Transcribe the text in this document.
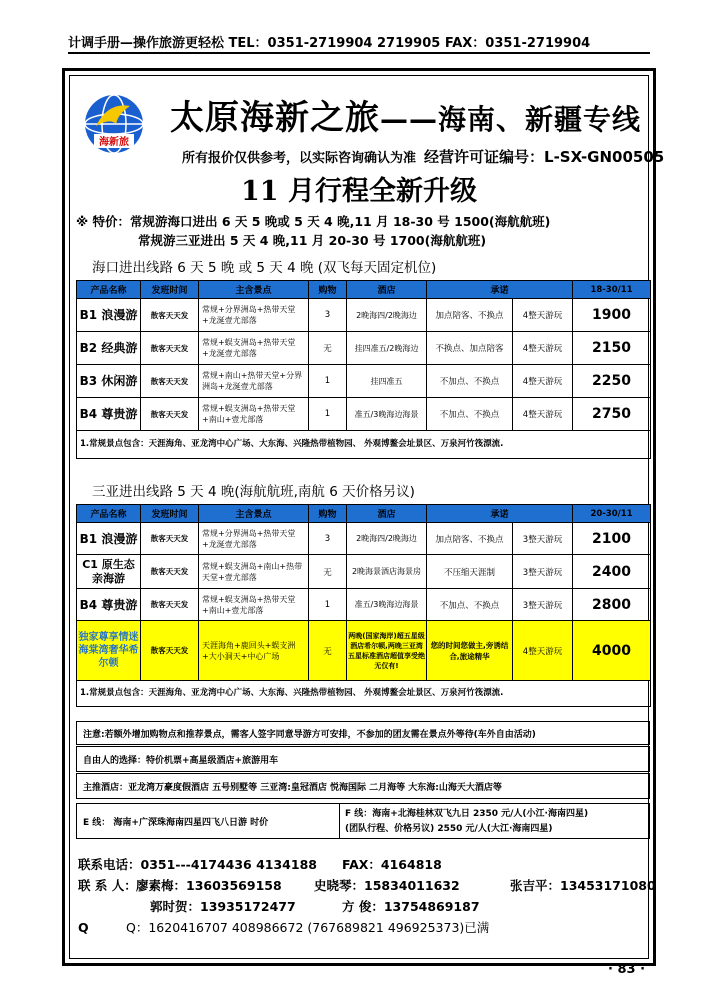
计调手册—操作旅游更轻松 TEL：0351-2719904 2719905 FAX：0351-2719904
海新旅
太原海新之旅——海南、新疆专线
所有报价仅供参考，以实际咨询确认为准 经营许可证编号：L-SX-GN00505
11 月行程全新升级
※ 特价：常规游海口进出 6 天 5 晚或 5 天 4 晚,11 月 18-30 号 1500(海航航班)
常规游三亚进出 5 天 4 晚,11 月 20-30 号 1700(海航航班)
海口进出线路 6 天 5 晚 或 5 天 4 晚 (双飞每天固定机位)
产品名称	发班时间	主含景点	购物	酒店	承诺		18-30/11
B1 浪漫游	散客天天发	常规+分界洲岛+热带天堂+龙涎壹尤部落	3	2晚海四/2晚海边	加点陪客、不换点	4整天游玩	1900
B2 经典游	散客天天发	常规+蜈支洲岛+热带天堂+龙涎壹尤部落	无	挂四准五/2晚海边	不换点、加点陪客	4整天游玩	2150
B3 休闲游	散客天天发	常规+南山+热带天堂+分界洲岛+龙涎壹尤部落	1	挂四准五	不加点、不换点	4整天游玩	2250
B4 尊贵游	散客天天发	常规+蜈支洲岛+热带天堂+南山+壹尤部落	1	准五/3晚海边海景	不加点、不换点	4整天游玩	2750
1.常规景点包含：天涯海角、亚龙湾中心广场、大东海、兴隆热带植物园、 外观博鳌会址景区、万泉河竹筏漂流.							
三亚进出线路 5 天 4 晚(海航航班,南航 6 天价格另议)
产品名称	发班时间	主含景点	购物	酒店	承诺		20-30/11
B1 浪漫游	散客天天发	常规+分界洲岛+热带天堂+龙涎壹尤部落	3	2晚海四/2晚海边	加点陪客、不换点	3整天游玩	2100
C1 原生态亲海游	散客天天发	常规+蜈支洲岛+南山+热带天堂+壹尤部落	无	2晚海景酒店海景房	不压缩天涯制	3整天游玩	2400
B4 尊贵游	散客天天发	常规+蜈支洲岛+热带天堂+南山+壹尤部落	1	准五/3晚海边海景	不加点、不换点	3整天游玩	2800
独家尊享情迷海棠湾奢华希尔顿	散客天天发	天涯海角+鹿回头+蜈支洲+大小洞天+中心广场	无	两晚(国家海岸)超五星级酒店希尔顿,两晚三亚湾五星标准酒店超值享受绝无仅有!	您的时间您做主,旁诱结合,旅途精华	4整天游玩	4000
1.常规景点包含：天涯海角、亚龙湾中心广场、大东海、兴隆热带植物园、 外观博鳌会址景区、万泉河竹筏漂流.							
注意:若额外增加购物点和推荐景点，需客人签字同意导游方可安排，不参加的团友需在景点外等待(车外自由活动)
自由人的选择：特价机票+高星级酒店+旅游用车
主推酒店：亚龙湾万豪度假酒店 五号别墅等 三亚湾:皇冠酒店 悦海国际 二月海等 大东海:山海天大酒店等
E 线： 海南+广深珠海南四星四飞八日游 时价
F 线：海南+北海桂林双飞九日 2350 元/人(小江·海南四星)
(团队行程、价格另议) 2550 元/人(大江·海南四星)
联系电话：0351---4174436 4134188 FAX：4164818
联 系 人： 廖素梅：13603569158	史晓琴：15834011632	张吉平：13453171080
郭时贺：13935172477	方 俊：13754869187
Q	Q：1620416707 408986672 (767689821 496925373)已满
· 83 ·
